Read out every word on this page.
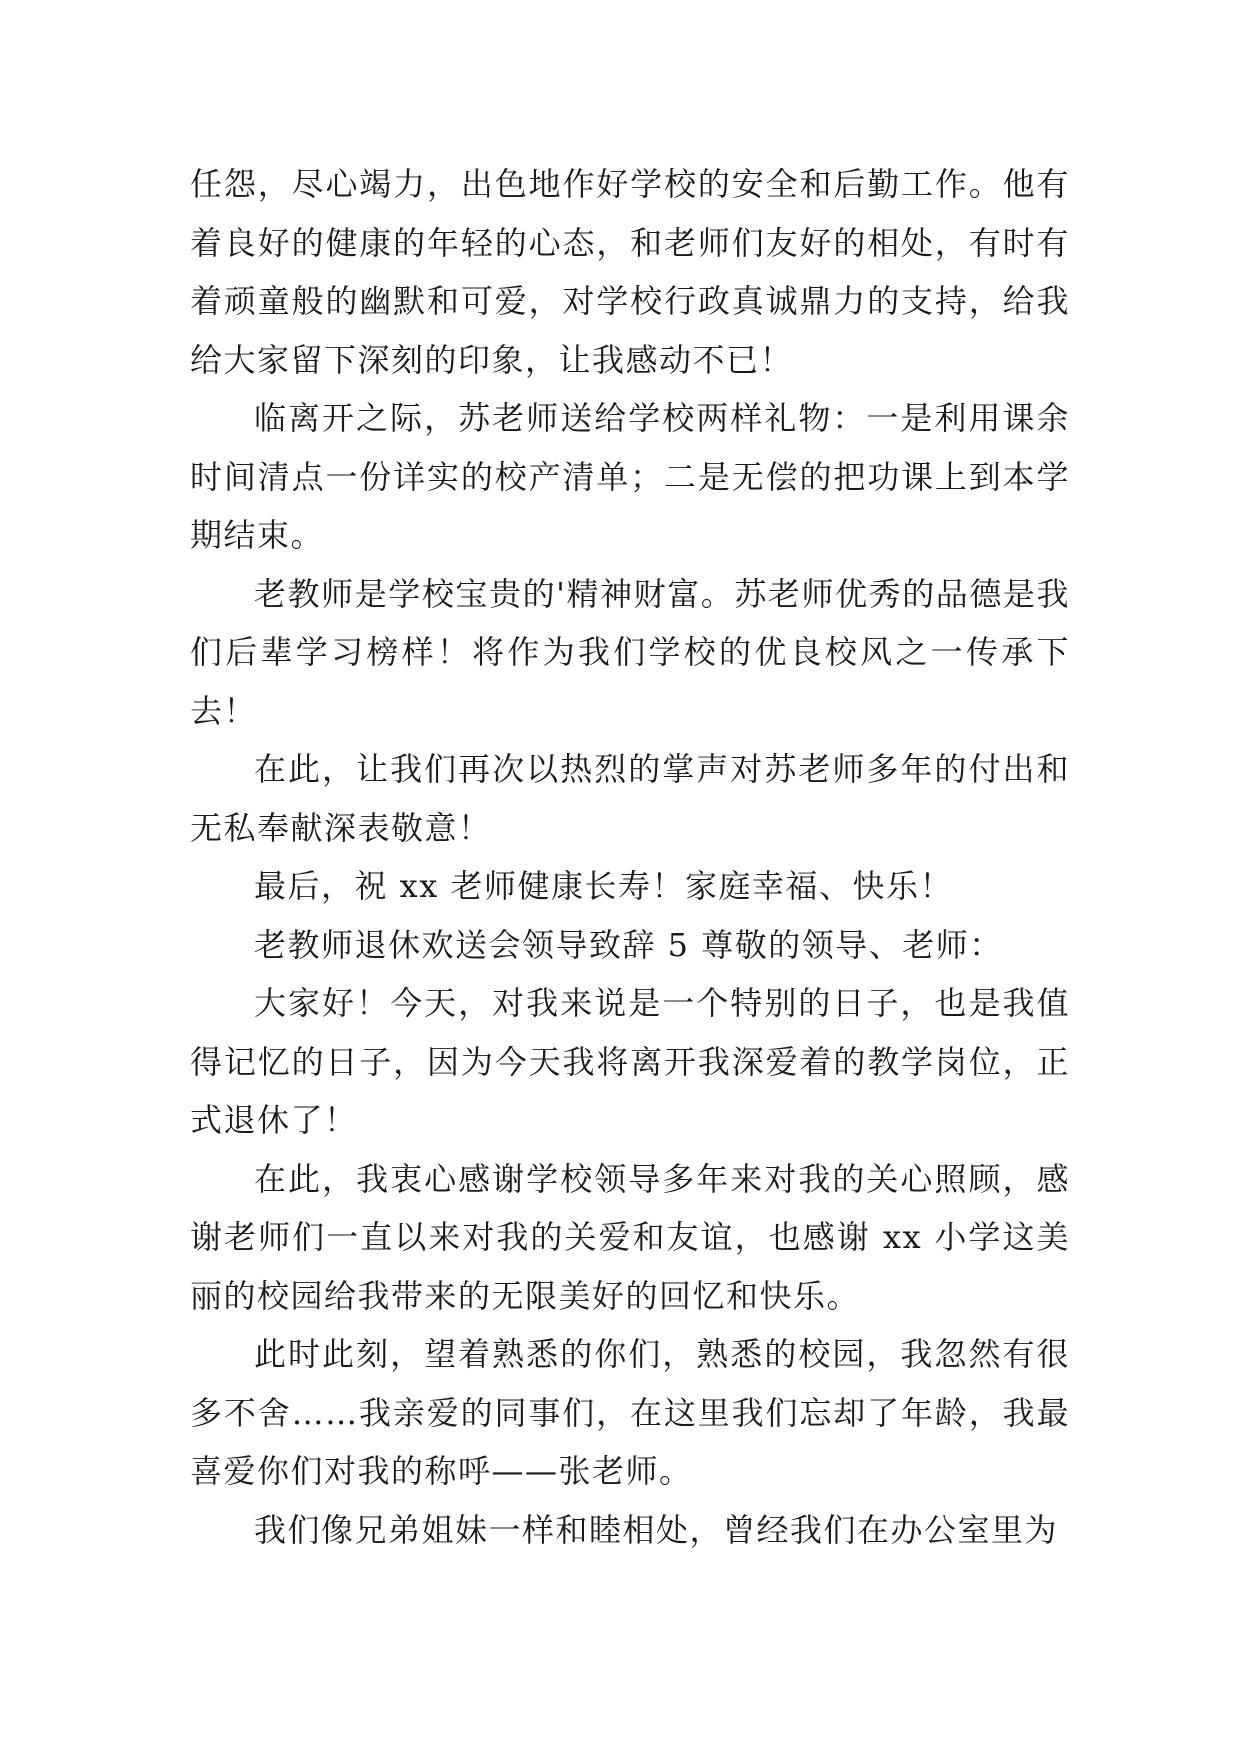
任怨，尽心竭力，出色地作好学校的安全和后勤工作。他有着良好的健康的年轻的心态，和老师们友好的相处，有时有着顽童般的幽默和可爱，对学校行政真诚鼎力的支持，给我给大家留下深刻的印象，让我感动不已！

临离开之际，苏老师送给学校两样礼物：一是利用课余时间清点一份详实的校产清单；二是无偿的把功课上到本学期结束。

老教师是学校宝贵的'精神财富。苏老师优秀的品德是我们后辈学习榜样！将作为我们学校的优良校风之一传承下去！

在此，让我们再次以热烈的掌声对苏老师多年的付出和无私奉献深表敬意！

最后，祝 xx 老师健康长寿！家庭幸福、快乐！

老教师退休欢送会领导致辞 5 尊敬的领导、老师：

大家好！今天，对我来说是一个特别的日子，也是我值得记忆的日子，因为今天我将离开我深爱着的教学岗位，正式退休了！

在此，我衷心感谢学校领导多年来对我的关心照顾，感谢老师们一直以来对我的关爱和友谊，也感谢 xx 小学这美丽的校园给我带来的无限美好的回忆和快乐。

此时此刻，望着熟悉的你们，熟悉的校园，我忽然有很多不舍……我亲爱的同事们，在这里我们忘却了年龄，我最喜爱你们对我的称呼——张老师。

我们像兄弟姐妹一样和睦相处，曾经我们在办公室里为
